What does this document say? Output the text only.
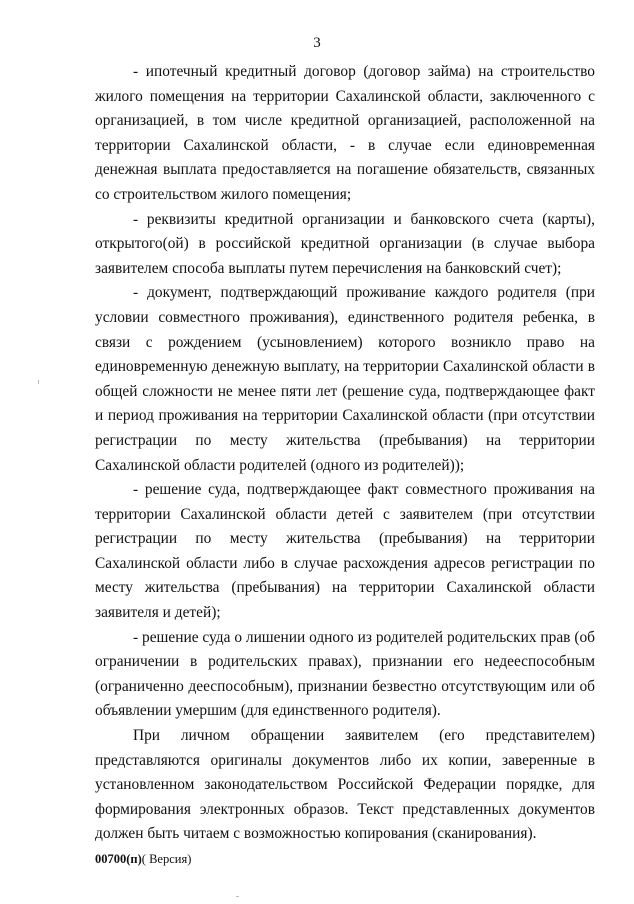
3

- ипотечный кредитный договор (договор займа) на строительство жилого помещения на территории Сахалинской области, заключенного с организацией, в том числе кредитной организацией, расположенной на территории Сахалинской области, - в случае если единовременная денежная выплата предоставляется на погашение обязательств, связанных со строительством жилого помещения;

- реквизиты кредитной организации и банковского счета (карты), открытого(ой) в российской кредитной организации (в случае выбора заявителем способа выплаты путем перечисления на банковский счет);

- документ, подтверждающий проживание каждого родителя (при условии совместного проживания), единственного родителя ребенка, в связи с рождением (усыновлением) которого возникло право на единовременную денежную выплату, на территории Сахалинской области в общей сложности не менее пяти лет (решение суда, подтверждающее факт и период проживания на территории Сахалинской области (при отсутствии регистрации по месту жительства (пребывания) на территории Сахалинской области родителей (одного из родителей));

- решение суда, подтверждающее факт совместного проживания на территории Сахалинской области детей с заявителем (при отсутствии регистрации по месту жительства (пребывания) на территории Сахалинской области либо в случае расхождения адресов регистрации по месту жительства (пребывания) на территории Сахалинской области заявителя и детей);

- решение суда о лишении одного из родителей родительских прав (об ограничении в родительских правах), признании его недееспособным (ограниченно дееспособным), признании безвестно отсутствующим или об объявлении умершим (для единственного родителя).

При личном обращении заявителем (его представителем) представляются оригиналы документов либо их копии, заверенные в установленном законодательством Российской Федерации порядке, для формирования электронных образов. Текст представленных документов должен быть читаем с возможностью копирования (сканирования).

00700(п)( Версия)
